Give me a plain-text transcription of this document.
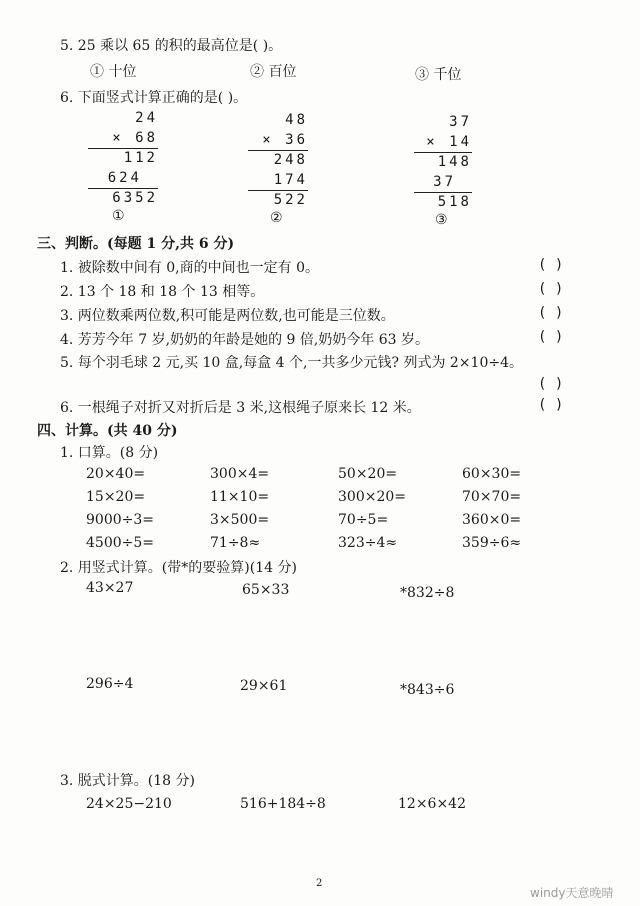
5. 25 乘以 65 的积的最高位是( )。
① 十位	② 百位	③ 千位
6. 下面竖式计算正确的是( )。
24
× 68
112
624
6352
①
48
× 36
248
174
522
②
37
× 14
148
37
518
③
三、判断。(每题 1 分,共 6 分)
1. 被除数中间有 0,商的中间也一定有 0。	( )
2. 13 个 18 和 18 个 13 相等。	( )
3. 两位数乘两位数,积可能是两位数,也可能是三位数。	( )
4. 芳芳今年 7 岁,奶奶的年龄是她的 9 倍,奶奶今年 63 岁。	( )
5. 每个羽毛球 2 元,买 10 盒,每盒 4 个,一共多少元钱? 列式为 2×10÷4。
( )
6. 一根绳子对折又对折后是 3 米,这根绳子原来长 12 米。	( )
四、计算。(共 40 分)
1. 口算。(8 分)
20×40=	300×4=	50×20=	60×30=
15×20=	11×10=	300×20=	70×70=
9000÷3=	3×500=	70÷5=	360×0=
4500÷5=	71÷8≈	323÷4≈	359÷6≈
2. 用竖式计算。(带*的要验算)(14 分)
43×27	65×33	*832÷8
296÷4	29×61	*843÷6
3. 脱式计算。(18 分)
24×25−210	516+184÷8	12×6×42
2
windy天意晚晴
